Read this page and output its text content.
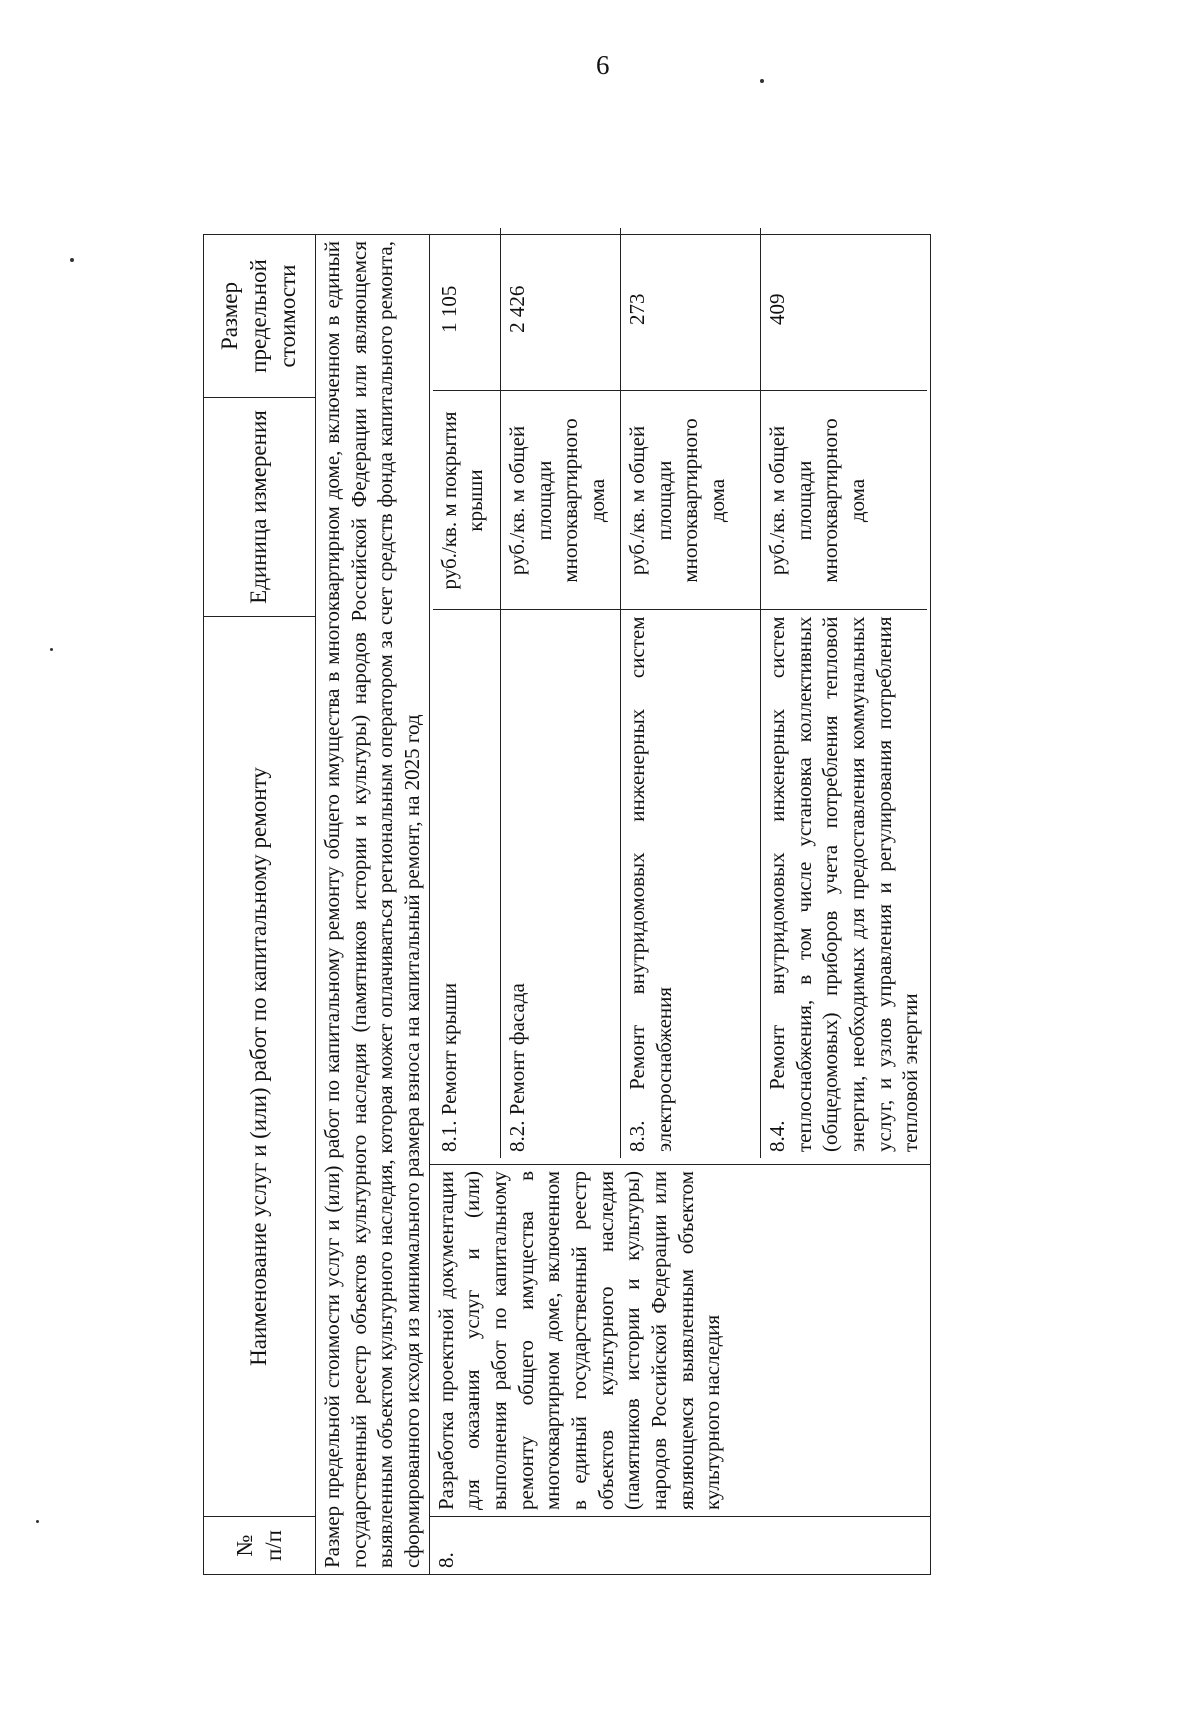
6
№ п/п	Наименование услуг и (или) работ по капитальному ремонту	Единица измерения	Размер предельной стоимости
Размер предельной стоимости услуг и (или) работ по капитальному ремонту общего имущества в многоквартирном доме, включенном в единый государственный реестр объектов культурного наследия (памятников истории и культуры) народов Российской Федерации или являющемся выявленным объектом культурного наследия, которая может оплачиваться региональным оператором за счет средств фонда капитального ремонта, сформированного исходя из минимального размера взноса на капитальный ремонт, на 2025 год
8.	Разработка проектной документации для оказания услуг и (или) выполнения работ по капитальному ремонту общего имущества в многоквартирном доме, включенном в единый государственный реестр объектов культурного наследия (памятников истории и культуры) народов Российской Федерации или являющемся выявленным объектом культурного наследия	
8.1. Ремонт крыши	руб./кв. м покрытия крыши	1 105
8.2. Ремонт фасада	руб./кв. м общей площади многоквартирного дома	2 426
8.3. Ремонт внутридомовых инженерных систем электроснабжения	руб./кв. м общей площади многоквартирного дома	273
8.4. Ремонт внутридомовых инженерных систем теплоснабжения, в том числе установка коллективных (общедомовых) приборов учета потребления тепловой энергии, необходимых для предоставления коммунальных услуг, и узлов управления и регулирования потребления тепловой энергии	руб./кв. м общей площади многоквартирного дома	409
